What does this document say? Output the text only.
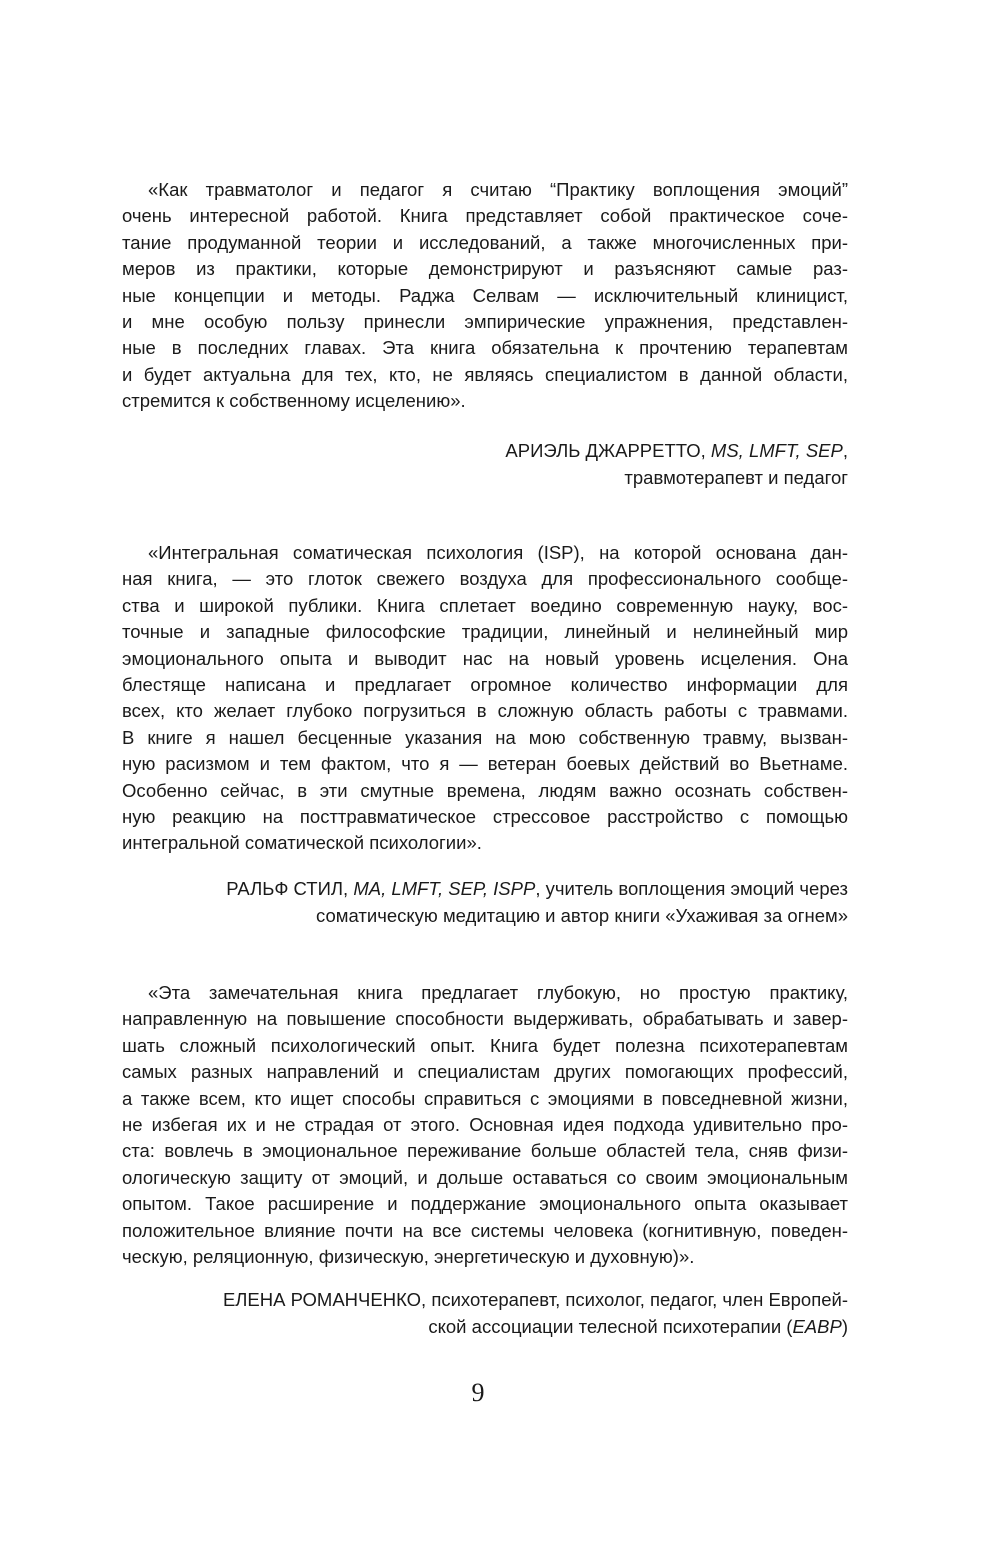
«Как травматолог и педагог я считаю “Практику воплощения эмоций”
очень интересной работой. Книга представляет собой практическое соче-
тание продуманной теории и исследований, а также многочисленных при-
меров из практики, которые демонстрируют и разъясняют самые раз-
ные концепции и методы. Раджа Селвам — исключительный клиницист,
и мне особую пользу принесли эмпирические упражнения, представлен-
ные в последних главах. Эта книга обязательна к прочтению терапевтам
и будет актуальна для тех, кто, не являясь специалистом в данной области,
стремится к собственному исцелению».
АРИЭЛЬ ДЖАРРЕТТО, MS, LMFT, SEP,
травмотерапевт и педагог
«Интегральная соматическая психология (ISP), на которой основана дан-
ная книга, — это глоток свежего воздуха для профессионального сообще-
ства и широкой публики. Книга сплетает воедино современную науку, вос-
точные и западные философские традиции, линейный и нелинейный мир
эмоционального опыта и выводит нас на новый уровень исцеления. Она
блестяще написана и предлагает огромное количество информации для
всех, кто желает глубоко погрузиться в сложную область работы с травмами.
В книге я нашел бесценные указания на мою собственную травму, вызван-
ную расизмом и тем фактом, что я — ветеран боевых действий во Вьетнаме.
Особенно сейчас, в эти смутные времена, людям важно осознать собствен-
ную реакцию на посттравматическое стрессовое расстройство с помощью
интегральной соматической психологии».
РАЛЬФ СТИЛ, MA, LMFT, SEP, ISPP, учитель воплощения эмоций через
соматическую медитацию и автор книги «Ухаживая за огнем»
«Эта замечательная книга предлагает глубокую, но простую практику,
направленную на повышение способности выдерживать, обрабатывать и завер-
шать сложный психологический опыт. Книга будет полезна психотерапевтам
самых разных направлений и специалистам других помогающих профессий,
а также всем, кто ищет способы справиться с эмоциями в повседневной жизни,
не избегая их и не страдая от этого. Основная идея подхода удивительно про-
ста: вовлечь в эмоциональное переживание больше областей тела, сняв физи-
ологическую защиту от эмоций, и дольше оставаться со своим эмоциональным
опытом. Такое расширение и поддержание эмоционального опыта оказывает
положительное влияние почти на все системы человека (когнитивную, поведен-
ческую, реляционную, физическую, энергетическую и духовную)».
ЕЛЕНА РОМАНЧЕНКО, психотерапевт, психолог, педагог, член Европей-
ской ассоциации телесной психотерапии (EABP)
9
